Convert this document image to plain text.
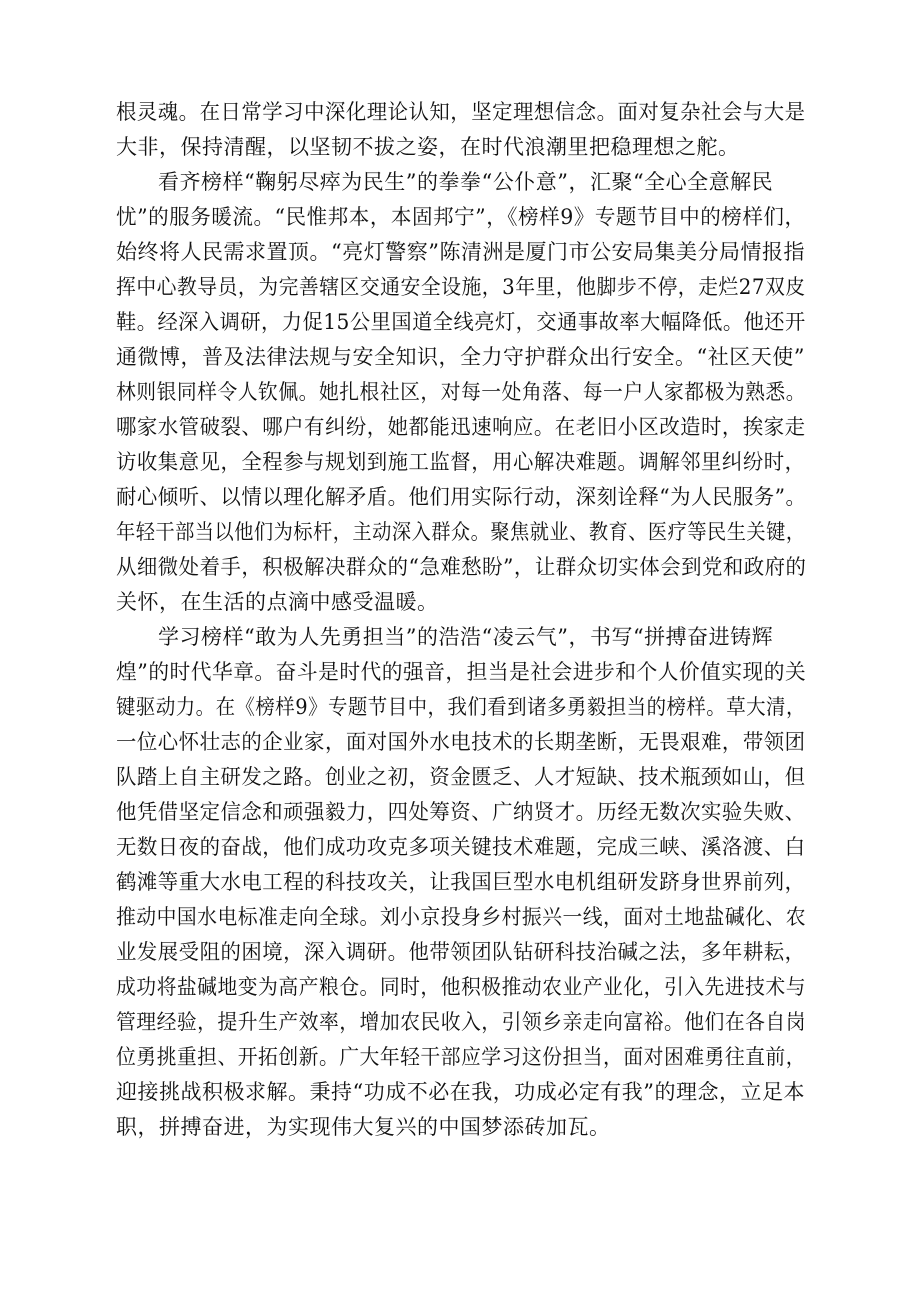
根灵魂。在日常学习中深化理论认知，坚定理想信念。面对复杂社会与大是
大非，保持清醒，以坚韧不拔之姿，在时代浪潮里把稳理想之舵。
看齐榜样“鞠躬尽瘁为民生”的拳拳“公仆意”，汇聚“全心全意解民
忧”的服务暖流。“民惟邦本，本固邦宁”，《榜样9》专题节目中的榜样们，
始终将人民需求置顶。“亮灯警察”陈清洲是厦门市公安局集美分局情报指
挥中心教导员，为完善辖区交通安全设施，3年里，他脚步不停，走烂27双皮
鞋。经深入调研，力促15公里国道全线亮灯，交通事故率大幅降低。他还开
通微博，普及法律法规与安全知识，全力守护群众出行安全。“社区天使”
林则银同样令人钦佩。她扎根社区，对每一处角落、每一户人家都极为熟悉。
哪家水管破裂、哪户有纠纷，她都能迅速响应。在老旧小区改造时，挨家走
访收集意见，全程参与规划到施工监督，用心解决难题。调解邻里纠纷时，
耐心倾听、以情以理化解矛盾。他们用实际行动，深刻诠释“为人民服务”。
年轻干部当以他们为标杆，主动深入群众。聚焦就业、教育、医疗等民生关键，
从细微处着手，积极解决群众的“急难愁盼”，让群众切实体会到党和政府的
关怀，在生活的点滴中感受温暖。
学习榜样“敢为人先勇担当”的浩浩“凌云气”，书写“拼搏奋进铸辉
煌”的时代华章。奋斗是时代的强音，担当是社会进步和个人价值实现的关
键驱动力。在《榜样9》专题节目中，我们看到诸多勇毅担当的榜样。草大清，
一位心怀壮志的企业家，面对国外水电技术的长期垄断，无畏艰难，带领团
队踏上自主研发之路。创业之初，资金匮乏、人才短缺、技术瓶颈如山，但
他凭借坚定信念和顽强毅力，四处筹资、广纳贤才。历经无数次实验失败、
无数日夜的奋战，他们成功攻克多项关键技术难题，完成三峡、溪洛渡、白
鹤滩等重大水电工程的科技攻关，让我国巨型水电机组研发跻身世界前列，
推动中国水电标准走向全球。刘小京投身乡村振兴一线，面对土地盐碱化、农
业发展受阻的困境，深入调研。他带领团队钻研科技治碱之法，多年耕耘，
成功将盐碱地变为高产粮仓。同时，他积极推动农业产业化，引入先进技术与
管理经验，提升生产效率，增加农民收入，引领乡亲走向富裕。他们在各自岗
位勇挑重担、开拓创新。广大年轻干部应学习这份担当，面对困难勇往直前，
迎接挑战积极求解。秉持“功成不必在我，功成必定有我”的理念，立足本
职，拼搏奋进，为实现伟大复兴的中国梦添砖加瓦。
